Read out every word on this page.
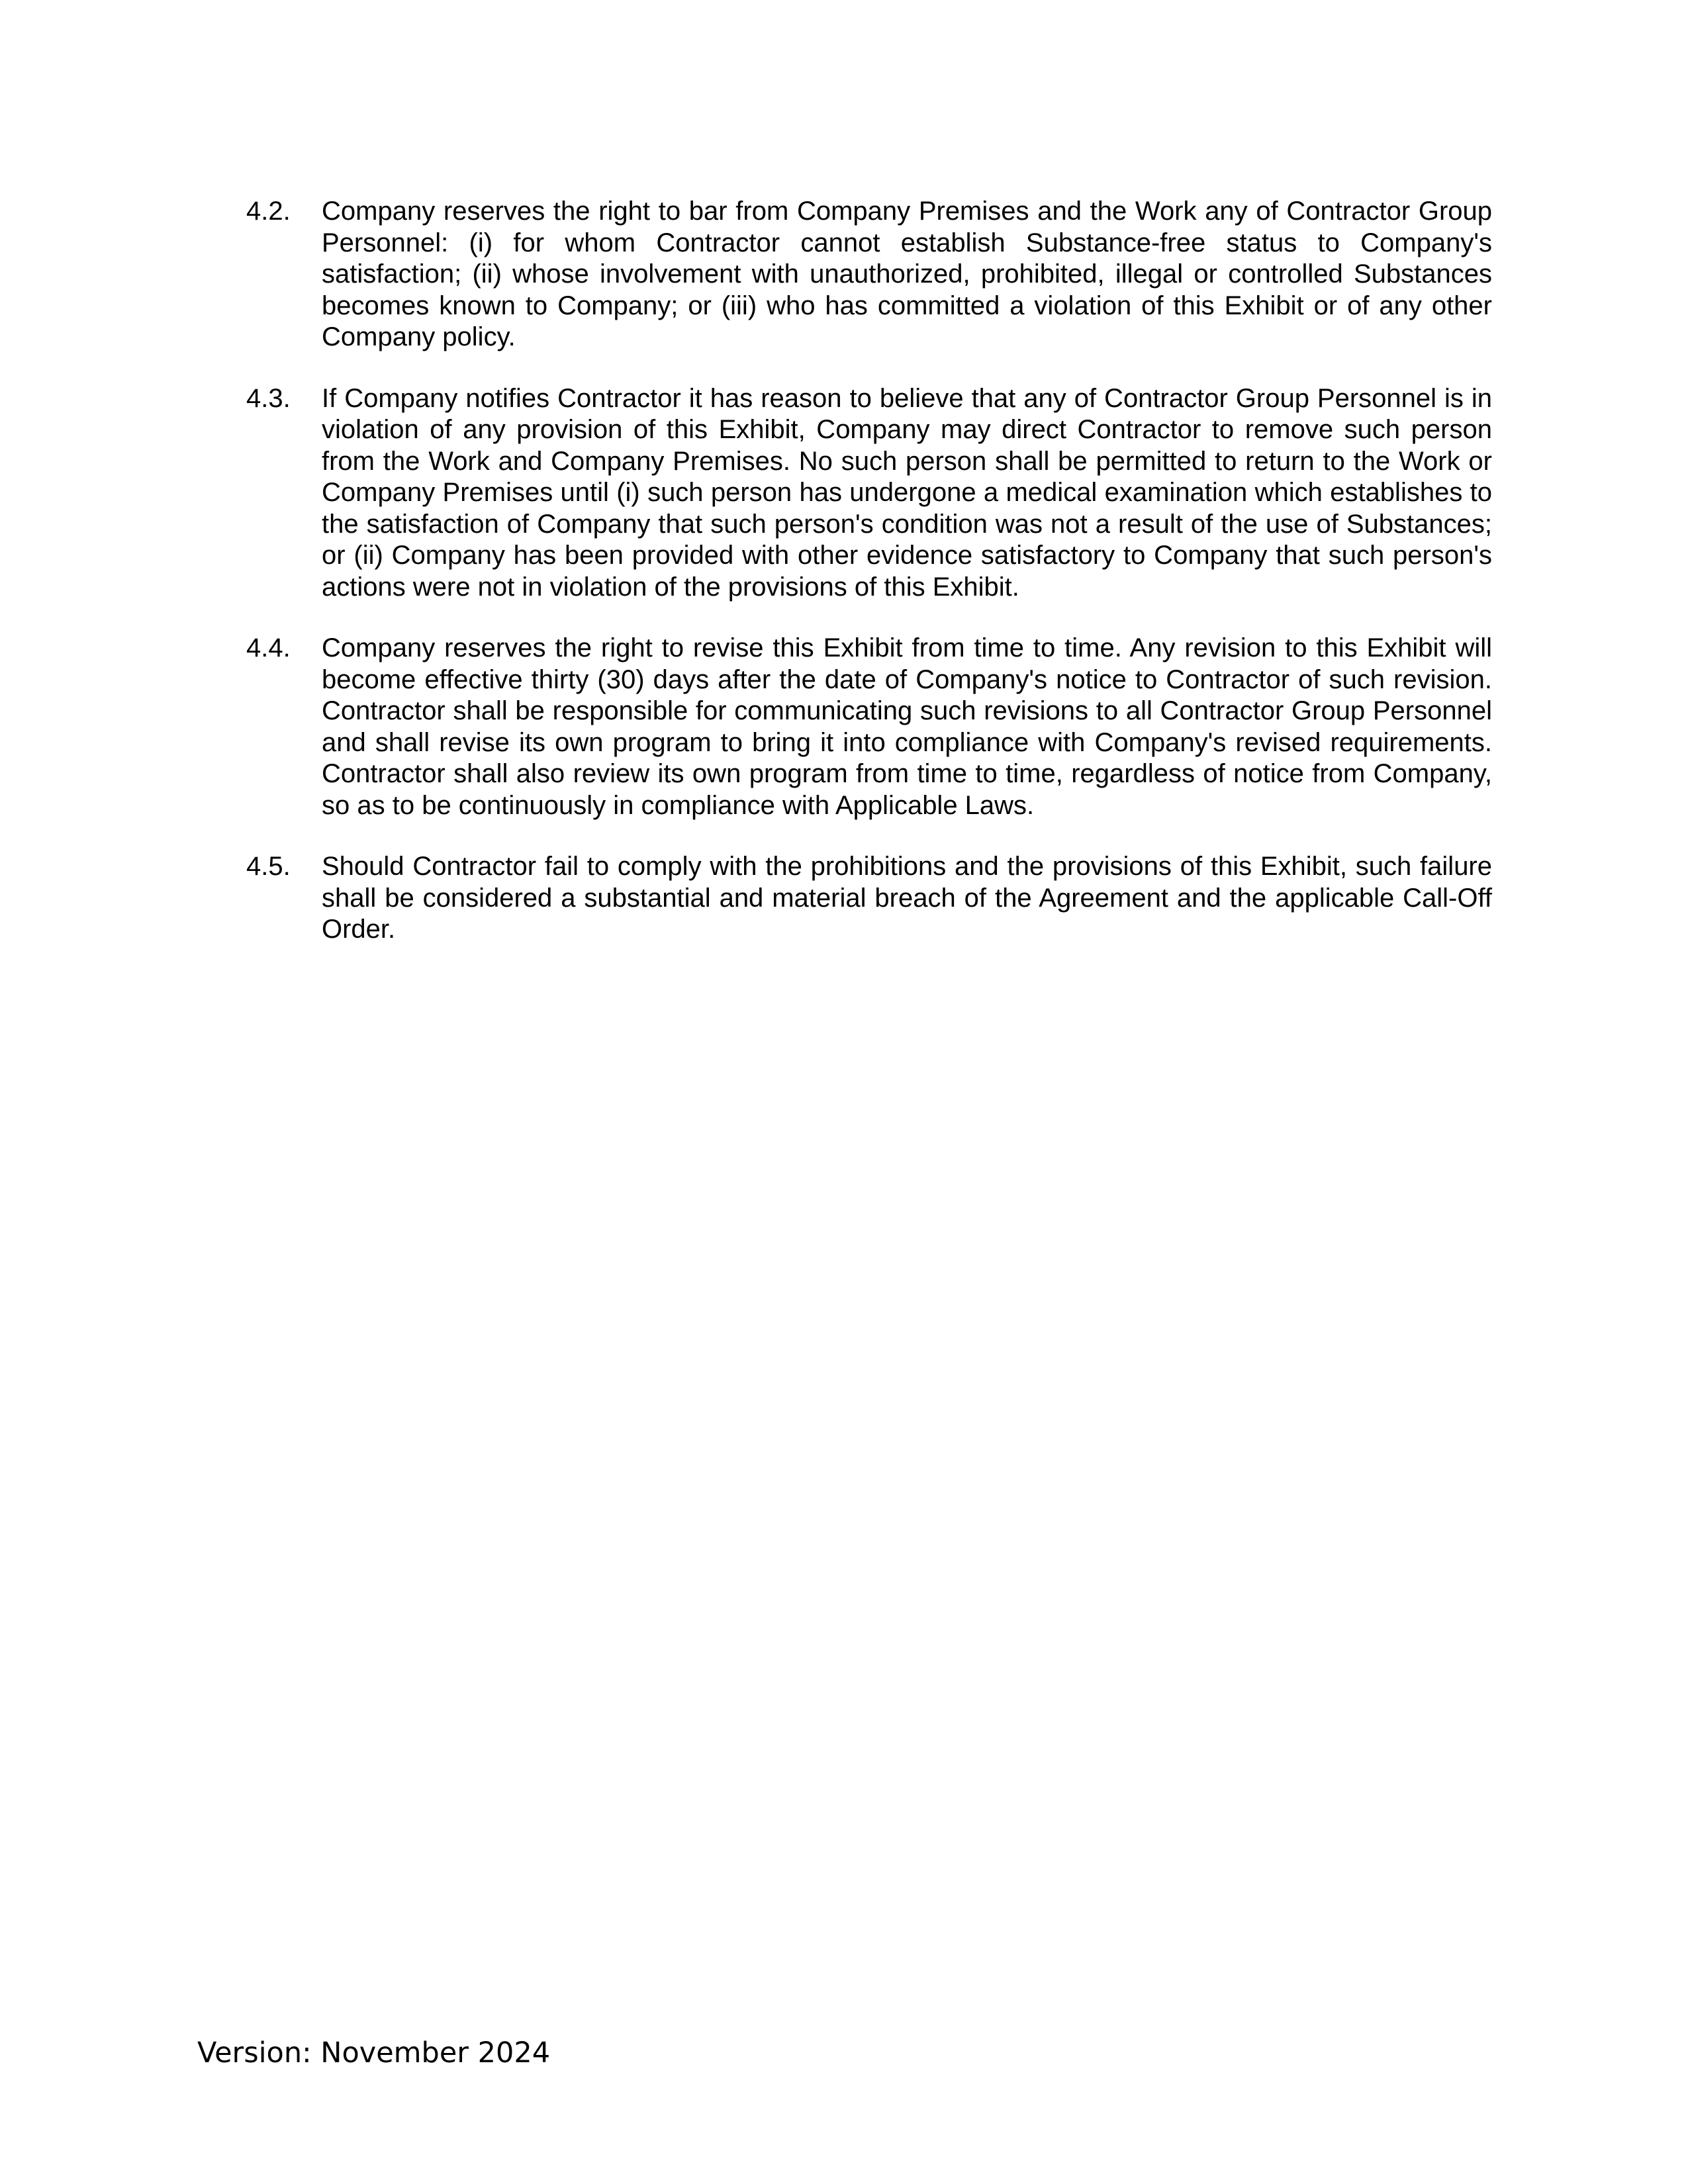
4.2.	Company reserves the right to bar from Company Premises and the Work any of Contractor Group Personnel: (i) for whom Contractor cannot establish Substance-free status to Company's satisfaction; (ii) whose involvement with unauthorized, prohibited, illegal or controlled Substances becomes known to Company; or (iii) who has committed a violation of this Exhibit or of any other Company policy.
4.3.	If Company notifies Contractor it has reason to believe that any of Contractor Group Personnel is in violation of any provision of this Exhibit, Company may direct Contractor to remove such person from the Work and Company Premises. No such person shall be permitted to return to the Work or Company Premises until (i) such person has undergone a medical examination which establishes to the satisfaction of Company that such person's condition was not a result of the use of Substances; or (ii) Company has been provided with other evidence satisfactory to Company that such person's actions were not in violation of the provisions of this Exhibit.
4.4.	Company reserves the right to revise this Exhibit from time to time. Any revision to this Exhibit will become effective thirty (30) days after the date of Company's notice to Contractor of such revision. Contractor shall be responsible for communicating such revisions to all Contractor Group Personnel and shall revise its own program to bring it into compliance with Company's revised requirements. Contractor shall also review its own program from time to time, regardless of notice from Company, so as to be continuously in compliance with Applicable Laws.
4.5.	Should Contractor fail to comply with the prohibitions and the provisions of this Exhibit, such failure shall be considered a substantial and material breach of the Agreement and the applicable Call-Off Order.
Version: November 2024
